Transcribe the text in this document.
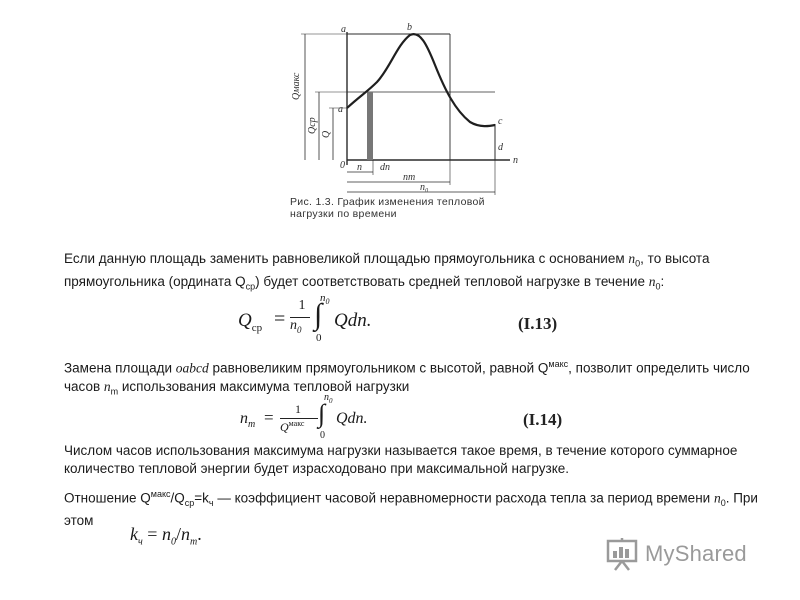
a	b
c
d
0	n
a
n dn
nт
n₀
Qмакс
Qср
Q
Рис. 1.3. График изменения тепловой нагрузки по времени
Если данную площадь заменить равновеликой площадью прямоугольника с основанием $n_0$, то высота прямоугольника (ордината $Q_{ср}$) будет соответствовать средней тепловой нагрузке в течение $n_0$:
$Q_{ср}$ =
1
$n_0$ ∫
$n_0$
0
Qdn.	(I.13)
Замена площади oabcd равновеликим прямоугольником с высотой, равной $Q^{макс}$, позволит определить число часов $n_m$ использования максимума тепловой нагрузки
$n_m$ =	1
$Q^{макс}$ ∫
$n_0$
0
Qdn.	(I.14)
Числом часов использования максимума нагрузки называется такое время, в течение которого суммарное количество тепловой энергии будет израсходовано при максимальной нагрузке.
Отношение $Q^{макс}/Q_{ср}=k_ч$ — коэффициент часовой неравномерности расхода тепла за период времени $n_0$. При этом
$k_ч = n_0/n_m$.
MyShared
